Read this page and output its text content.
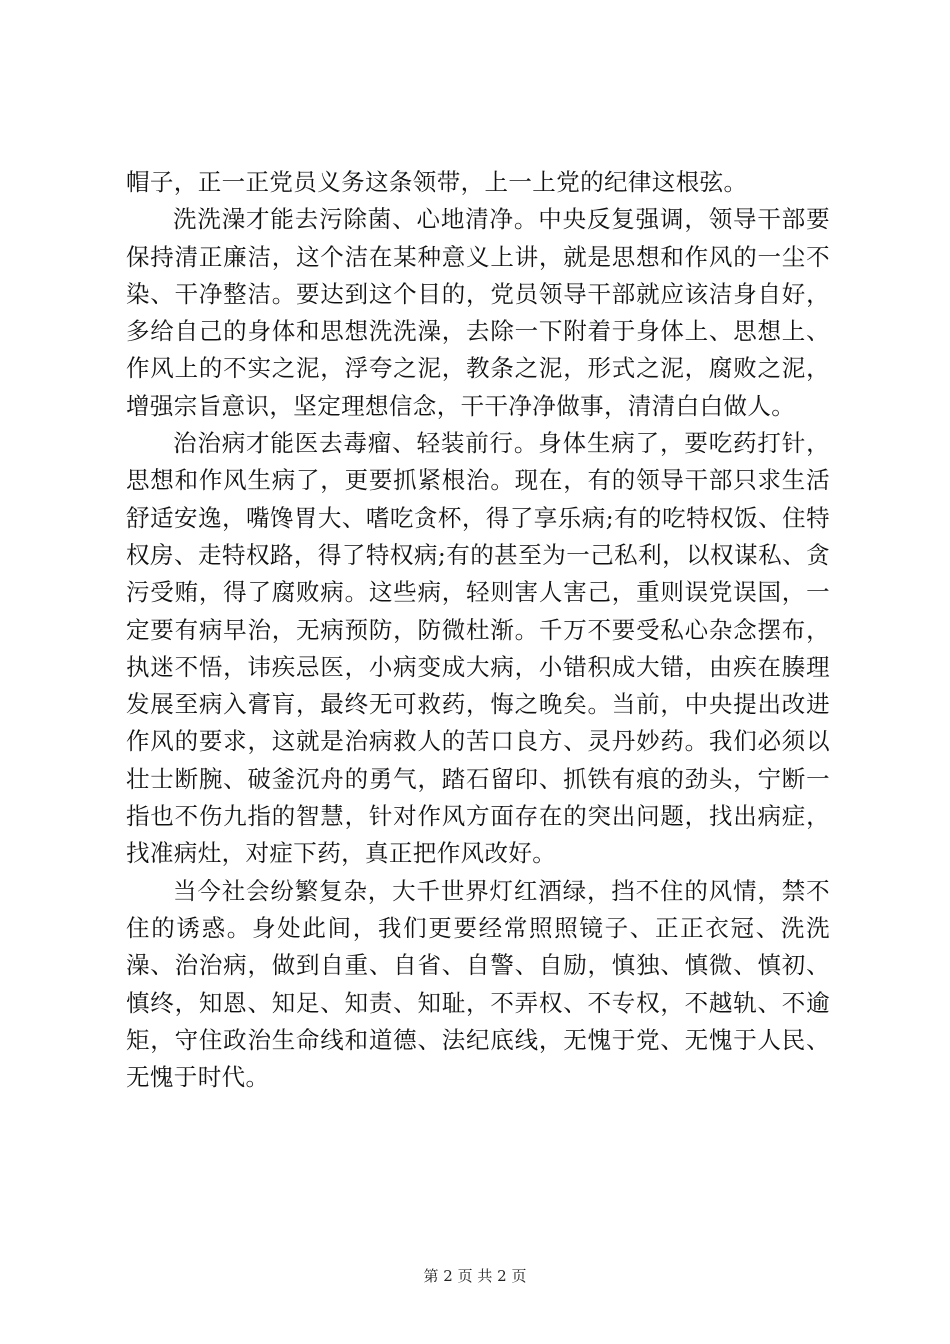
帽子，正一正党员义务这条领带，上一上党的纪律这根弦。

洗洗澡才能去污除菌、心地清净。中央反复强调，领导干部要保持清正廉洁，这个洁在某种意义上讲，就是思想和作风的一尘不染、干净整洁。要达到这个目的，党员领导干部就应该洁身自好，多给自己的身体和思想洗洗澡，去除一下附着于身体上、思想上、作风上的不实之泥，浮夸之泥，教条之泥，形式之泥，腐败之泥，增强宗旨意识，坚定理想信念，干干净净做事，清清白白做人。

治治病才能医去毒瘤、轻装前行。身体生病了，要吃药打针，思想和作风生病了，更要抓紧根治。现在，有的领导干部只求生活舒适安逸，嘴馋胃大、嗜吃贪杯，得了享乐病;有的吃特权饭、住特权房、走特权路，得了特权病;有的甚至为一己私利，以权谋私、贪污受贿，得了腐败病。这些病，轻则害人害己，重则误党误国，一定要有病早治，无病预防，防微杜渐。千万不要受私心杂念摆布，执迷不悟，讳疾忌医，小病变成大病，小错积成大错，由疾在腠理发展至病入膏肓，最终无可救药，悔之晚矣。当前，中央提出改进作风的要求，这就是治病救人的苦口良方、灵丹妙药。我们必须以壮士断腕、破釜沉舟的勇气，踏石留印、抓铁有痕的劲头，宁断一指也不伤九指的智慧，针对作风方面存在的突出问题，找出病症，找准病灶，对症下药，真正把作风改好。

当今社会纷繁复杂，大千世界灯红酒绿，挡不住的风情，禁不住的诱惑。身处此间，我们更要经常照照镜子、正正衣冠、洗洗澡、治治病，做到自重、自省、自警、自励，慎独、慎微、慎初、慎终，知恩、知足、知责、知耻，不弄权、不专权，不越轨、不逾矩，守住政治生命线和道德、法纪底线，无愧于党、无愧于人民、无愧于时代。

第 2 页 共 2 页
